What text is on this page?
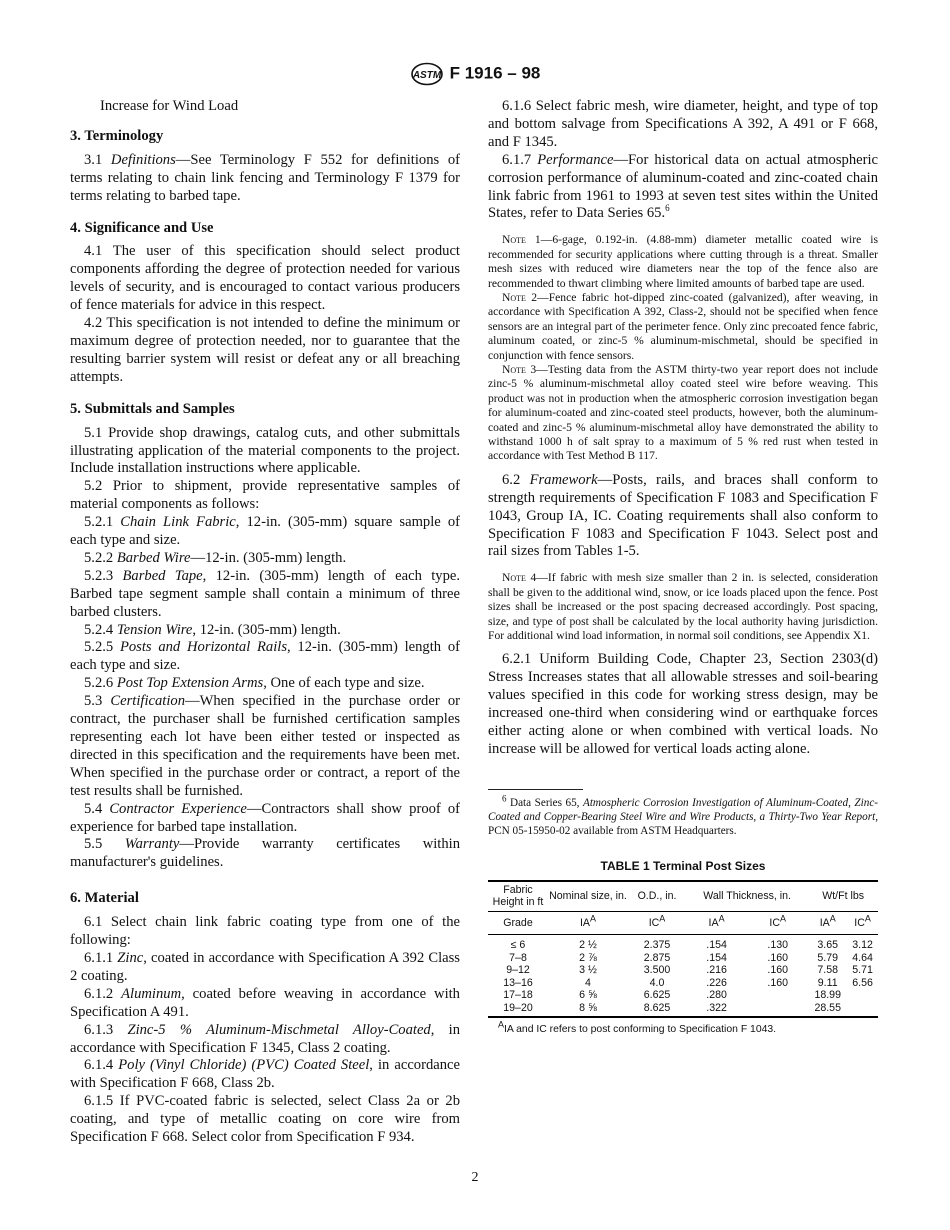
ASTM F 1916 – 98

Increase for Wind Load

3. Terminology

3.1 Definitions—See Terminology F 552 for definitions of terms relating to chain link fencing and Terminology F 1379 for terms relating to barbed tape.

4. Significance and Use

4.1 The user of this specification should select product components affording the degree of protection needed for various levels of security, and is encouraged to contact various producers of fence materials for advice in this respect.

4.2 This specification is not intended to define the minimum or maximum degree of protection needed, nor to guarantee that the resulting barrier system will resist or defeat any or all breaching attempts.

5. Submittals and Samples

5.1 Provide shop drawings, catalog cuts, and other submittals illustrating application of the material components to the project. Include installation instructions where applicable.

5.2 Prior to shipment, provide representative samples of material components as follows:

5.2.1 Chain Link Fabric, 12-in. (305-mm) square sample of each type and size.

5.2.2 Barbed Wire—12-in. (305-mm) length.

5.2.3 Barbed Tape, 12-in. (305-mm) length of each type. Barbed tape segment sample shall contain a minimum of three barbed clusters.

5.2.4 Tension Wire, 12-in. (305-mm) length.

5.2.5 Posts and Horizontal Rails, 12-in. (305-mm) length of each type and size.

5.2.6 Post Top Extension Arms, One of each type and size.

5.3 Certification—When specified in the purchase order or contract, the purchaser shall be furnished certification samples representing each lot have been either tested or inspected as directed in this specification and the requirements have been met. When specified in the purchase order or contract, a report of the test results shall be furnished.

5.4 Contractor Experience—Contractors shall show proof of experience for barbed tape installation.

5.5 Warranty—Provide warranty certificates within manufacturer's guidelines.

6. Material

6.1 Select chain link fabric coating type from one of the following:

6.1.1 Zinc, coated in accordance with Specification A 392 Class 2 coating.

6.1.2 Aluminum, coated before weaving in accordance with Specification A 491.

6.1.3 Zinc-5 % Aluminum-Mischmetal Alloy-Coated, in accordance with Specification F 1345, Class 2 coating.

6.1.4 Poly (Vinyl Chloride) (PVC) Coated Steel, in accordance with Specification F 668, Class 2b.

6.1.5 If PVC-coated fabric is selected, select Class 2a or 2b coating, and type of metallic coating on core wire from Specification F 668. Select color from Specification F 934.

6.1.6 Select fabric mesh, wire diameter, height, and type of top and bottom salvage from Specifications A 392, A 491 or F 668, and F 1345.

6.1.7 Performance—For historical data on actual atmospheric corrosion performance of aluminum-coated and zinc-coated chain link fabric from 1961 to 1993 at seven test sites within the United States, refer to Data Series 65.$^6$

Note 1—6-gage, 0.192-in. (4.88-mm) diameter metallic coated wire is recommended for security applications where cutting through is a threat. Smaller mesh sizes with reduced wire diameters near the top of the fence also are recommended to thwart climbing where limited amounts of barbed tape are used.

Note 2—Fence fabric hot-dipped zinc-coated (galvanized), after weaving, in accordance with Specification A 392, Class-2, should not be specified when fence sensors are an integral part of the perimeter fence. Only zinc precoated fence fabric, aluminum coated, or zinc-5 % aluminum-mischmetal, should be specified in conjunction with fence sensors.

Note 3—Testing data from the ASTM thirty-two year report does not include zinc-5 % aluminum-mischmetal alloy coated steel wire before weaving. This product was not in production when the atmospheric corrosion investigation began for aluminum-coated and zinc-coated steel products, however, both the aluminum-coated and zinc-5 % aluminum-mischmetal alloy have demonstrated the ability to withstand 1000 h of salt spray to a maximum of 5 % red rust when tested in accordance with Test Method B 117.

6.2 Framework—Posts, rails, and braces shall conform to strength requirements of Specification F 1083 and Specification F 1043, Group IA, IC. Coating requirements shall also conform to Specification F 1083 and Specification F 1043. Select post and rail sizes from Tables 1-5.

Note 4—If fabric with mesh size smaller than 2 in. is selected, consideration shall be given to the additional wind, snow, or ice loads placed upon the fence. Post sizes shall be increased or the post spacing decreased accordingly. Post spacing, size, and type of post shall be calculated by the local authority having jurisdiction. For additional wind load information, in normal soil conditions, see Appendix X1.

6.2.1 Uniform Building Code, Chapter 23, Section 2303(d) Stress Increases states that all allowable stresses and soil-bearing values specified in this code for working stress design, may be increased one-third when considering wind or earthquake forces either acting alone or when combined with vertical loads. No increase will be allowed for vertical loads acting alone.

$^6$ Data Series 65, Atmospheric Corrosion Investigation of Aluminum-Coated, Zinc-Coated and Copper-Bearing Steel Wire and Wire Products, a Thirty-Two Year Report, PCN 05-15950-02 available from ASTM Headquarters.

TABLE 1 Terminal Post Sizes
Fabric Height in ft	Nominal size, in.	O.D., in.	Wall Thickness, in.		Wt/Ft lbs	
Grade	$IA^A$	$IC^A$	$IA^A$	$IC^A$	$IA^A$	$IC^A$
≤ 6	2 ½	2.375	.154	.130	3.65	3.12
7–8	2 ⅞	2.875	.154	.160	5.79	4.64
9–12	3 ½	3.500	.216	.160	7.58	5.71
13–16	4	4.0	.226	.160	9.11	6.56
17–18	6 ⅝	6.625	.280		18.99	
19–20	8 ⅝	8.625	.322		28.55	
$^A$IA and IC refers to post conforming to Specification F 1043.
2
